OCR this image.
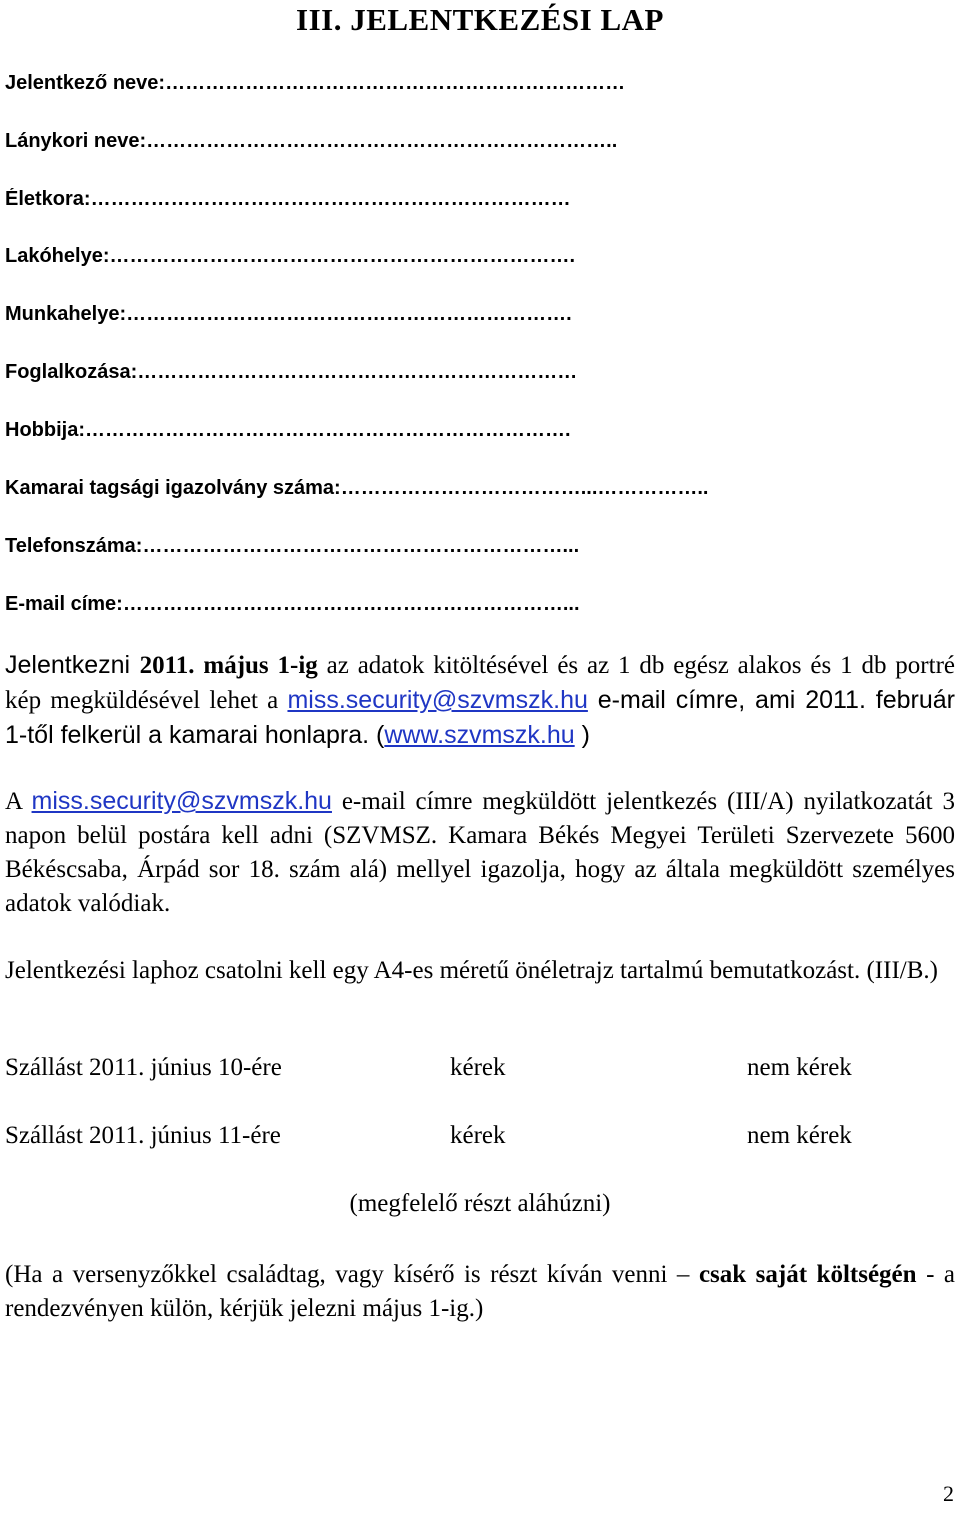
III. JELENTKEZÉSI LAP
Jelentkező neve:……………………………………………………………
Lánykori neve:……………………………………………………………..
Életkora:………………………………………………………………
Lakóhelye:…………………………………………………………….
Munkahelye:………………………………………………………….
Foglalkozása:…………………………………………………………
Hobbija:……………………………………………………………….
Kamarai tagsági igazolvány száma:………………………………...……………..
Telefonszáma:………………………………………………………...
E-mail címe:…………………………………………………………...
Jelentkezni 2011. május 1-ig az adatok kitöltésével és az 1 db egész alakos és 1 db portré kép megküldésével lehet a miss.security@szvmszk.hu e-mail címre, ami 2011. február 1-től felkerül a kamarai honlapra. (www.szvmszk.hu )
A miss.security@szvmszk.hu e-mail címre megküldött jelentkezés (III/A) nyilatkozatát 3 napon belül postára kell adni (SZVMSZ. Kamara Békés Megyei Területi Szervezete 5600 Békéscsaba, Árpád sor 18. szám alá) mellyel igazolja, hogy az általa megküldött személyes adatok valódiak.
Jelentkezési laphoz csatolni kell egy A4-es méretű önéletrajz tartalmú bemutatkozást. (III/B.)
Szállást 2011. június 10-ére	kérek	nem kérek
Szállást 2011. június 11-ére	kérek	nem kérek
(megfelelő részt aláhúzni)
(Ha a versenyzőkkel családtag, vagy kísérő is részt kíván venni – csak saját költségén - a rendezvényen külön, kérjük jelezni május 1-ig.)
2
